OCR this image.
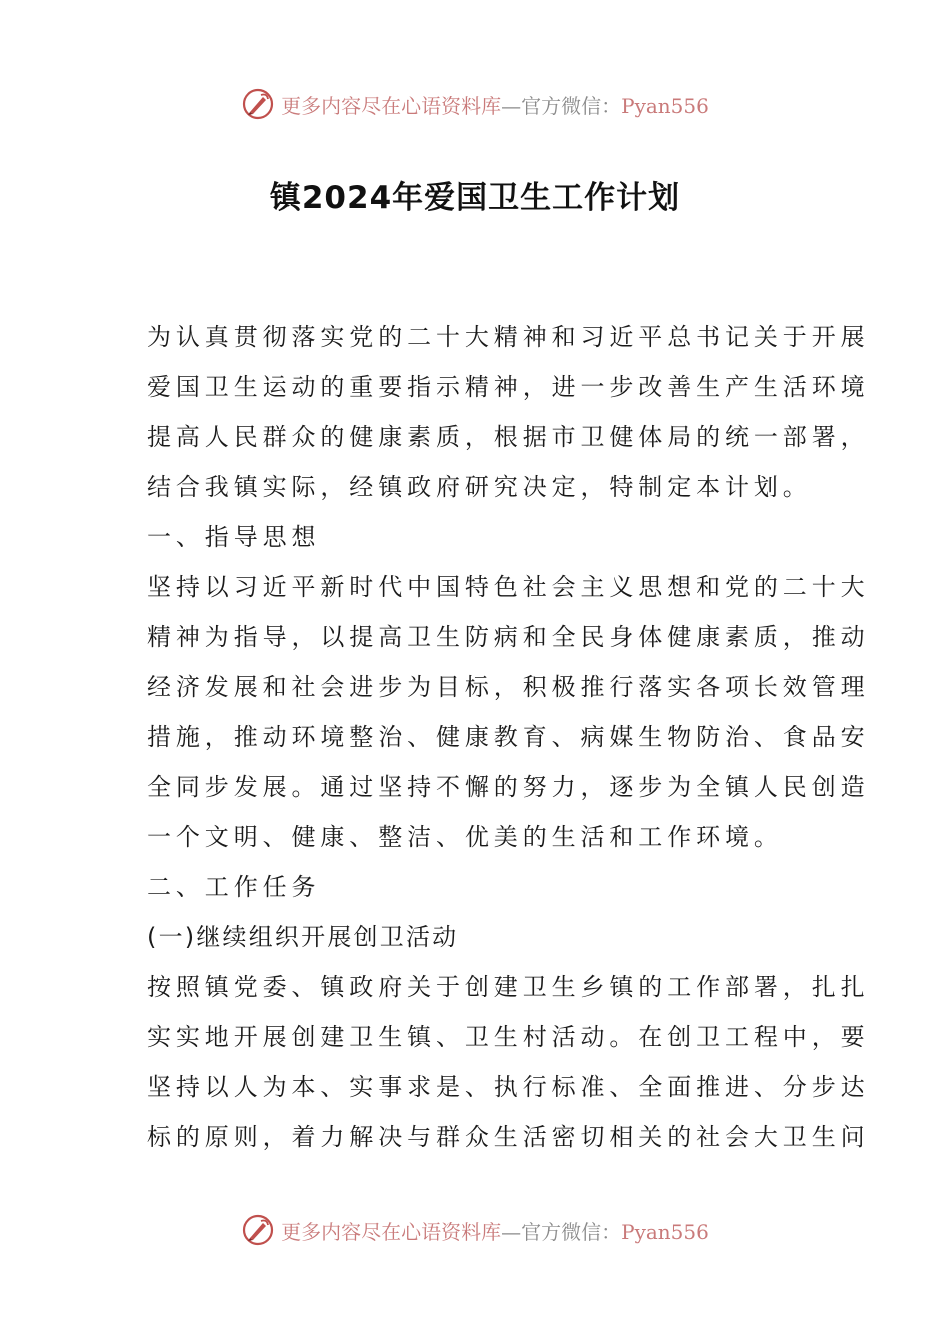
更多内容尽在心语资料库—官方微信：Pyan556
镇2024年爱国卫生工作计划
为认真贯彻落实党的二十大精神和习近平总书记关于开展
爱国卫生运动的重要指示精神，进一步改善生产生活环境
提高人民群众的健康素质，根据市卫健体局的统一部署，
结合我镇实际，经镇政府研究决定，特制定本计划。
一、指导思想
坚持以习近平新时代中国特色社会主义思想和党的二十大
精神为指导，以提高卫生防病和全民身体健康素质，推动
经济发展和社会进步为目标，积极推行落实各项长效管理
措施，推动环境整治、健康教育、病媒生物防治、食品安
全同步发展。通过坚持不懈的努力，逐步为全镇人民创造
一个文明、健康、整洁、优美的生活和工作环境。
二、工作任务
(一)继续组织开展创卫活动
按照镇党委、镇政府关于创建卫生乡镇的工作部署，扎扎
实实地开展创建卫生镇、卫生村活动。在创卫工程中，要
坚持以人为本、实事求是、执行标准、全面推进、分步达
标的原则，着力解决与群众生活密切相关的社会大卫生问
更多内容尽在心语资料库—官方微信：Pyan556
